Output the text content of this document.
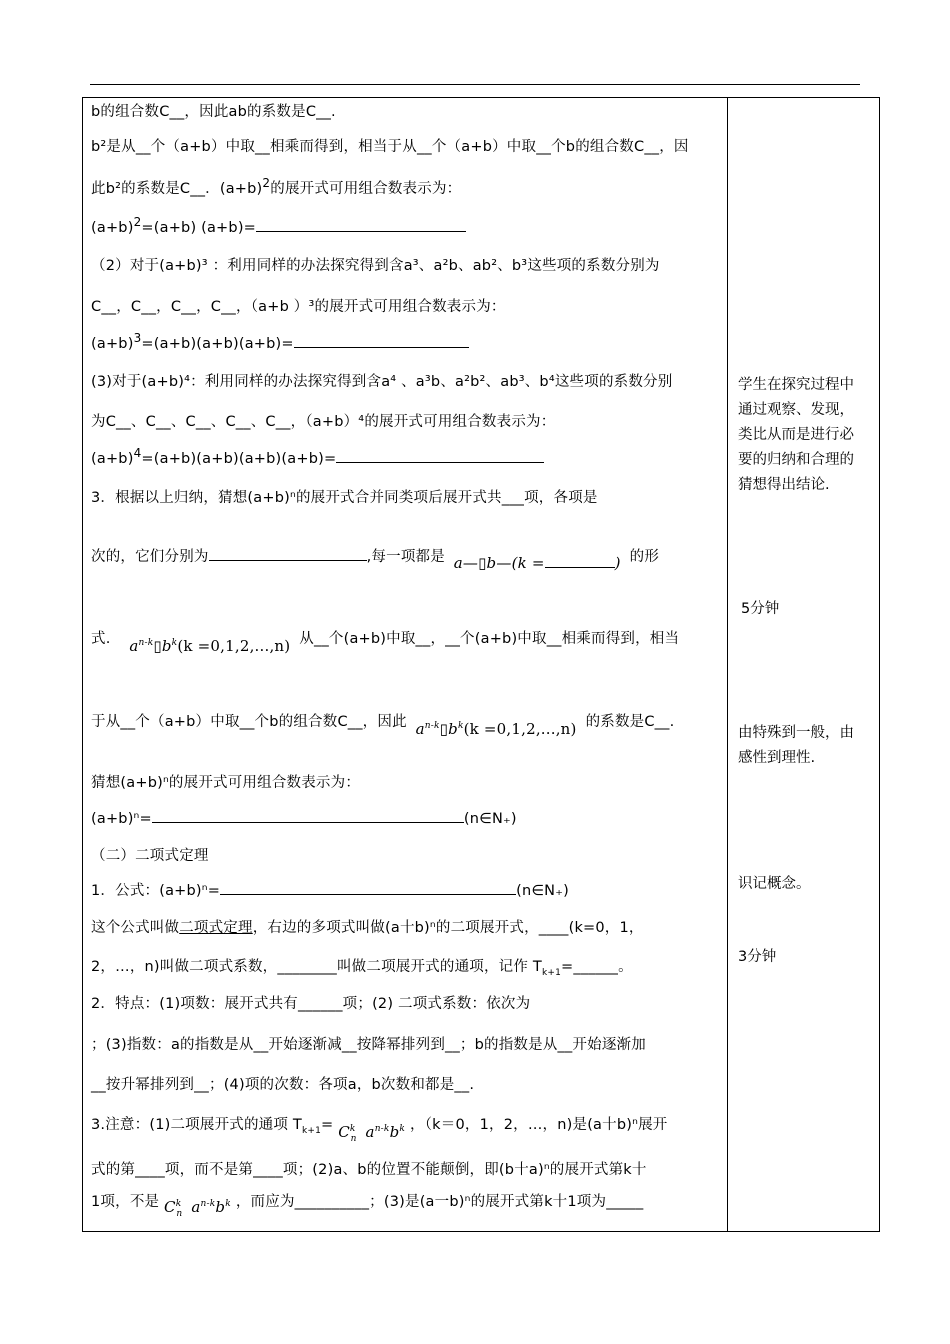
b的组合数C__，因此ab的系数是C__.
b²是从__个（a+b）中取__相乘而得到，相当于从__个（a+b）中取__个b的组合数C__，因
此b²的系数是C__．$(a+b)^2$的展开式可用组合数表示为：
$(a+b)^2=(a+b)$ (a+b)=
（2）对于(a+b)³ ：利用同样的办法探究得到含a³、a²b、ab²、b³这些项的系数分别为
C__，C__，C__，C__，（a+b ）³的展开式可用组合数表示为：
$(a+b)^3=(a+b)(a+b)(a+b)=$
(3)对于(a+b)⁴：利用同样的办法探究得到含a⁴ 、a³b、a²b²、ab³、b⁴这些项的系数分别
为C__、C__、C__、C__、C__，（a+b）⁴的展开式可用组合数表示为：
$(a+b)^4=(a+b)(a+b)(a+b)(a+b)=$
3．根据以上归纳，猜想(a+b)ⁿ的展开式合并同类项后展开式共___项，各项是
次的，它们分别为	,每一项都是 a—▯b—(k =	) 的形
式. $a^{n-k}▯b^k(k =0,1,2,...,n)$ 从__个(a+b)中取__，__个(a+b)中取__相乘而得到，相当
于从__个（a+b）中取__个b的组合数C__，因此 $a^{n-k}▯b^k(k =0,1,2,...,n)$ 的系数是C__.
猜想(a+b)ⁿ的展开式可用组合数表示为：
(a+b)ⁿ=	(n∈N₊)
（二）二项式定理
1．公式：(a+b)ⁿ=	(n∈N₊)
这个公式叫做二项式定理，右边的多项式叫做(a十b)ⁿ的二项展开式，____(k=0，1，
2，…，n)叫做二项式系数，________叫做二项展开式的通项，记作 $T_{k+1}=\_\_\_\_\_\_$。
2．特点：(1)项数：展开式共有______项；(2) 二项式系数：依次为
；(3)指数：a的指数是从__开始逐渐减__按降幂排列到__；b的指数是从__开始逐渐加
__按升幂排列到__；(4)项的次数：各项a，b次数和都是__.
3.注意：(1)二项展开式的通项 $T_{k+1}= C^k_n$ $a^{n-k}b^k$ ，（k＝0，1，2，…，n)是(a十b)ⁿ展开
式的第____项，而不是第____项；(2)a、b的位置不能颠倒，即(b十a)ⁿ的展开式第k十
1项，不是 $C^k_n$ $a^{n-k}b^k$ ，而应为__________；(3)是(a一b)ⁿ的展开式第k十1项为_____
学生在探究过程中
通过观察、发现，
类比从而是进行必
要的归纳和合理的
猜想得出结论.
5分钟
由特殊到一般，由
感性到理性.
识记概念。
3分钟
